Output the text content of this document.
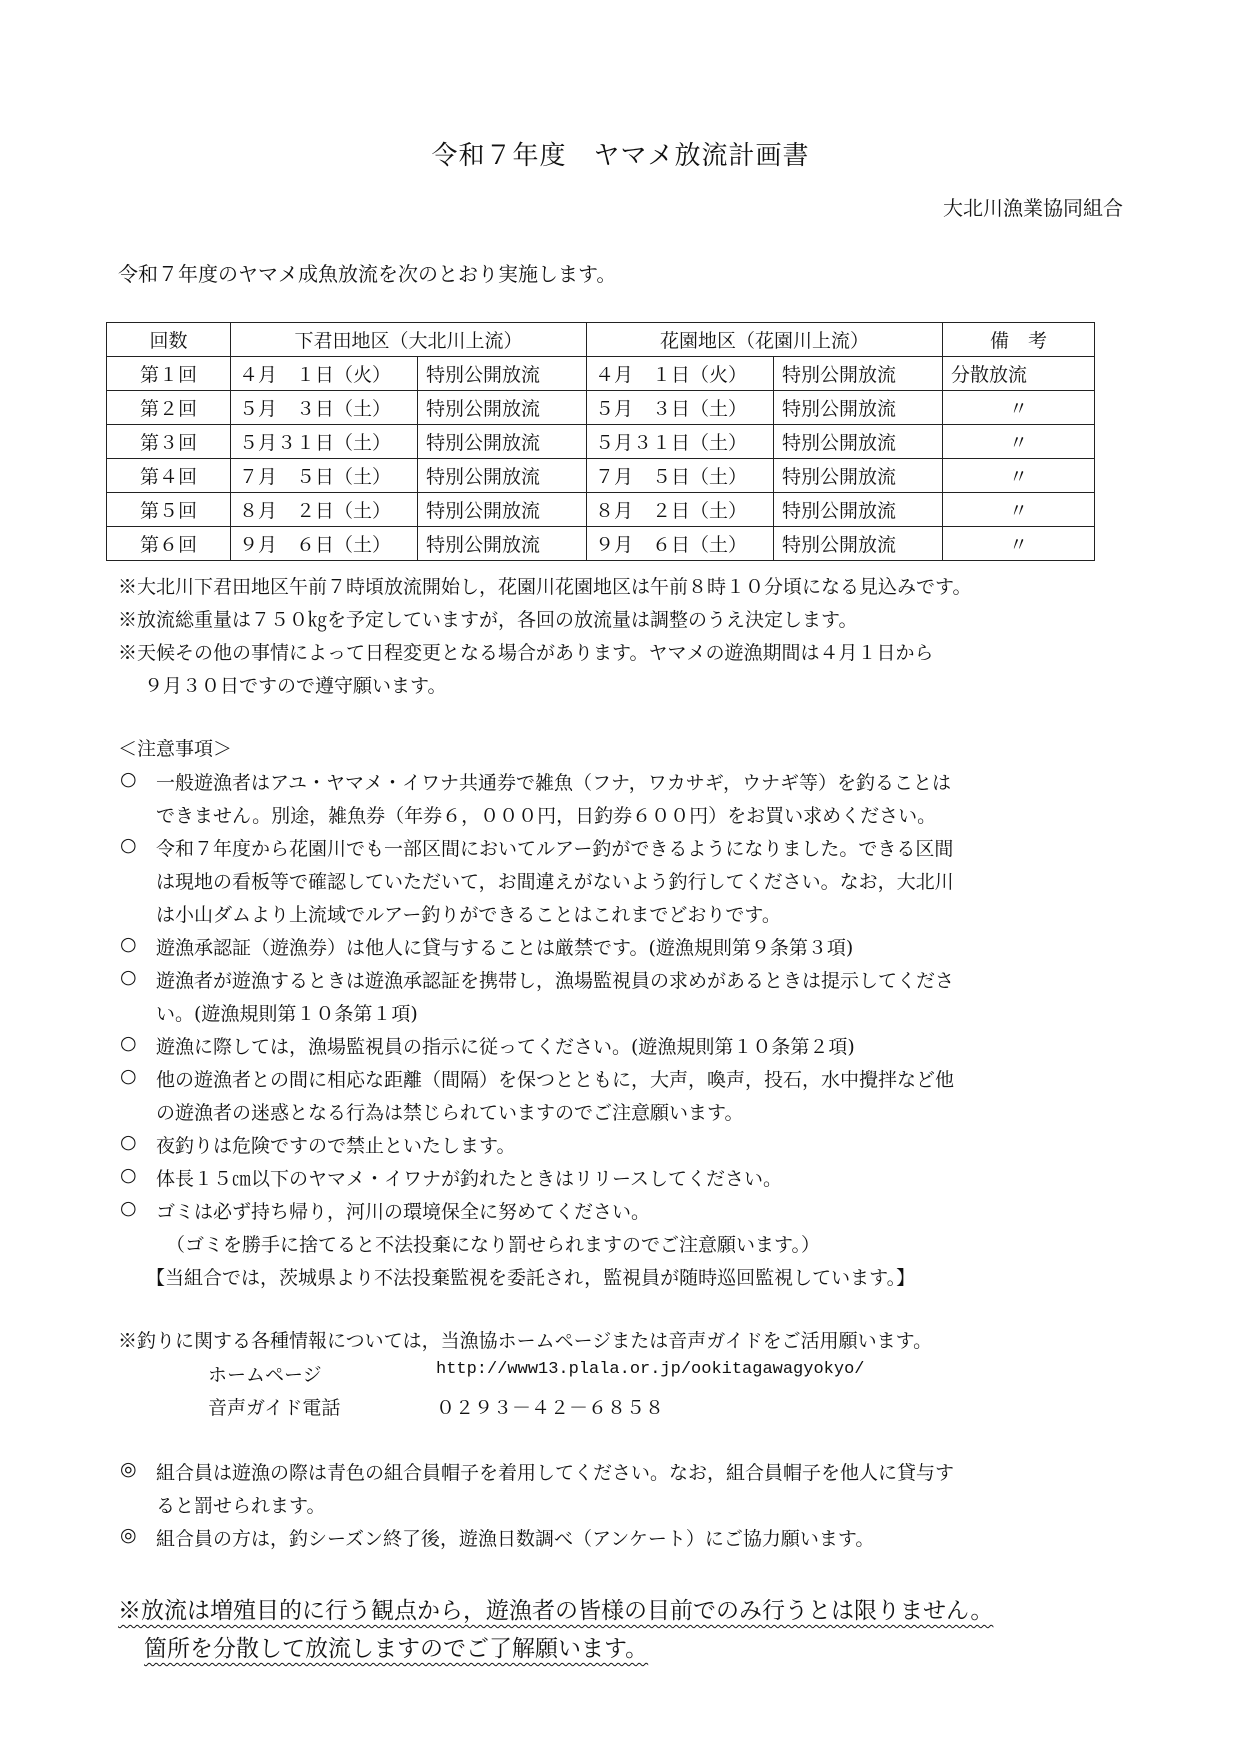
令和７年度　ヤマメ放流計画書
大北川漁業協同組合
令和７年度のヤマメ成魚放流を次のとおり実施します。
回数	下君田地区（大北川上流）		花園地区（花園川上流）		備　考
第１回	４月　１日（火）	特別公開放流	４月　１日（火）	特別公開放流	分散放流
第２回	５月　３日（土）	特別公開放流	５月　３日（土）	特別公開放流	〃
第３回	５月３１日（土）	特別公開放流	５月３１日（土）	特別公開放流	〃
第４回	７月　５日（土）	特別公開放流	７月　５日（土）	特別公開放流	〃
第５回	８月　２日（土）	特別公開放流	８月　２日（土）	特別公開放流	〃
第６回	９月　６日（土）	特別公開放流	９月　６日（土）	特別公開放流	〃
※大北川下君田地区午前７時頃放流開始し，花園川花園地区は午前８時１０分頃になる見込みです。
※放流総重量は７５０㎏を予定していますが，各回の放流量は調整のうえ決定します。
※天候その他の事情によって日程変更となる場合があります。ヤマメの遊漁期間は４月１日から
９月３０日ですので遵守願います。
＜注意事項＞
○ 一般遊漁者はアユ・ヤマメ・イワナ共通券で雑魚（フナ，ワカサギ，ウナギ等）を釣ることは
できません。別途，雑魚券（年券６，０００円，日釣券６００円）をお買い求めください。
○ 令和７年度から花園川でも一部区間においてルアー釣ができるようになりました。できる区間
は現地の看板等で確認していただいて，お間違えがないよう釣行してください。なお，大北川
は小山ダムより上流域でルアー釣りができることはこれまでどおりです。
○ 遊漁承認証（遊漁券）は他人に貸与することは厳禁です。(遊漁規則第９条第３項)
○ 遊漁者が遊漁するときは遊漁承認証を携帯し，漁場監視員の求めがあるときは提示してくださ
い。(遊漁規則第１０条第１項)
○ 遊漁に際しては，漁場監視員の指示に従ってください。(遊漁規則第１０条第２項)
○ 他の遊漁者との間に相応な距離（間隔）を保つとともに，大声，喚声，投石，水中攪拌など他
の遊漁者の迷惑となる行為は禁じられていますのでご注意願います。
○ 夜釣りは危険ですので禁止といたします。
○ 体長１５㎝以下のヤマメ・イワナが釣れたときはリリースしてください。
○ ゴミは必ず持ち帰り，河川の環境保全に努めてください。
（ゴミを勝手に捨てると不法投棄になり罰せられますのでご注意願います。）
【当組合では，茨城県より不法投棄監視を委託され，監視員が随時巡回監視しています。】
※釣りに関する各種情報については，当漁協ホームページまたは音声ガイドをご活用願います。
ホームページ	http://www13.plala.or.jp/ookitagawagyokyo/
音声ガイド電話	０２９３－４２－６８５８
◎ 組合員は遊漁の際は青色の組合員帽子を着用してください。なお，組合員帽子を他人に貸与す
ると罰せられます。
◎ 組合員の方は，釣シーズン終了後，遊漁日数調べ（アンケート）にご協力願います。
※放流は増殖目的に行う観点から，遊漁者の皆様の目前でのみ行うとは限りません。
箇所を分散して放流しますのでご了解願います。
